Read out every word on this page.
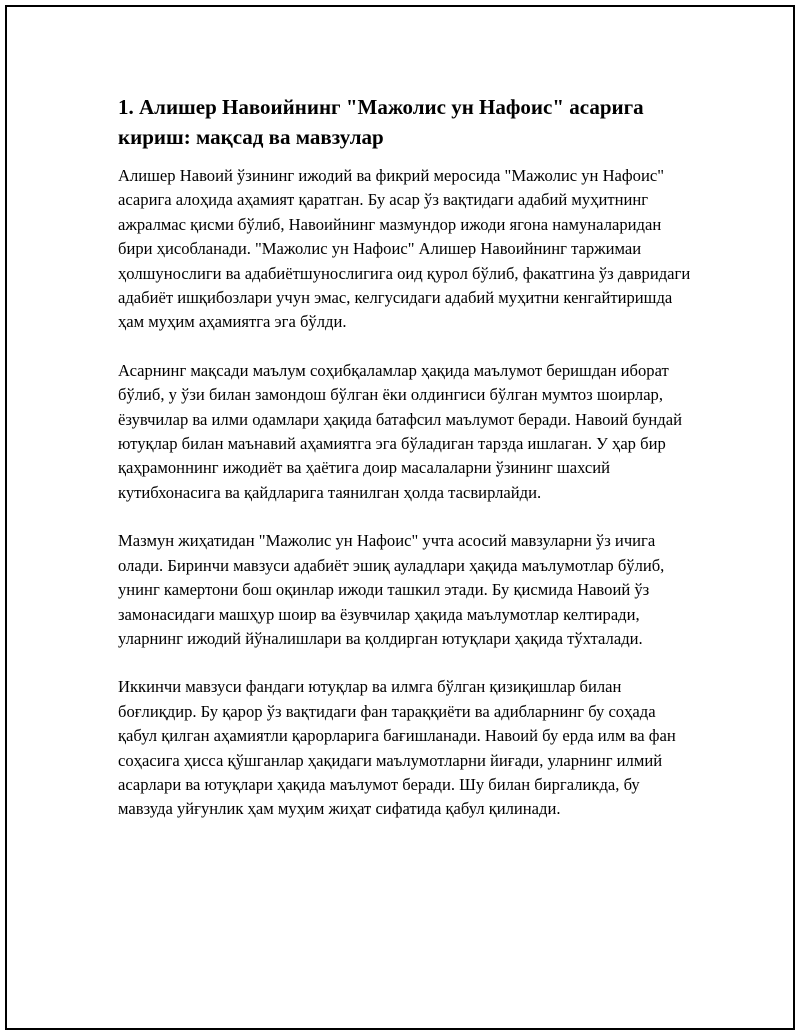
1. Алишер Навоийнинг "Мажолис ун Нафоис" асарига кириш: мақсад ва мавзулар

Алишер Навоий ўзининг ижодий ва фикрий меросида "Мажолис ун Нафоис" асарига алоҳида аҳамият қаратган. Бу асар ўз вақтидаги адабий муҳитнинг ажралмас қисми бўлиб, Навоийнинг мазмундор ижоди ягона намуналаридан бири ҳисобланади. "Мажолис ун Нафоис" Алишер Навоийнинг таржимаи ҳолшунослиги ва адабиётшунослигига оид қурол бўлиб, факатгина ўз давридаги адабиёт ишқибозлари учун эмас, келгусидаги адабий муҳитни кенгайтиришда ҳам муҳим аҳамиятга эга бўлди.

Асарнинг мақсади маълум соҳибқаламлар ҳақида маълумот беришдан иборат бўлиб, у ўзи билан замондош бўлган ёки олдингиси бўлган мумтоз шоирлар, ёзувчилар ва илми одамлари ҳақида батафсил маълумот беради. Навоий бундай ютуқлар билан маънавий аҳамиятга эга бўладиган тарзда ишлаган. У ҳар бир қаҳрамоннинг ижодиёт ва ҳаётига доир масалаларни ўзининг шахсий кутибхонасига ва қайдларига таянилган ҳолда тасвирлайди.

Мазмун жиҳатидан "Мажолис ун Нафоис" учта асосий мавзуларни ўз ичига олади. Биринчи мавзуси адабиёт эшиқ ауладлари ҳақида маълумотлар бўлиб, унинг камертони бош оқинлар ижоди ташкил этади. Бу қисмида Навоий ўз замонасидаги машҳур шоир ва ёзувчилар ҳақида маълумотлар келтиради, уларнинг ижодий йўналишлари ва қолдирган ютуқлари ҳақида тўхталади.

Иккинчи мавзуси фандаги ютуқлар ва илмга бўлган қизиқишлар билан боғлиқдир. Бу қарор ўз вақтидаги фан тараққиёти ва адибларнинг бу соҳада қабул қилган аҳамиятли қарорларига бағишланади. Навоий бу ерда илм ва фан соҳасига ҳисса қўшганлар ҳақидаги маълумотларни йиғади, уларнинг илмий асарлари ва ютуқлари ҳақида маълумот беради. Шу билан биргаликда, бу мавзуда уйғунлик ҳам муҳим жиҳат сифатида қабул қилинади.
